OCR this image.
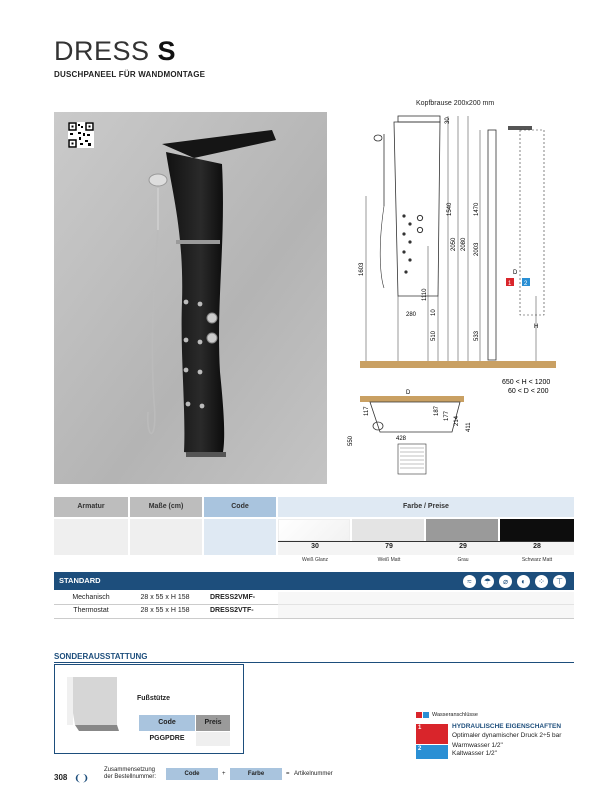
DRESS S
DUSCHPANEEL FÜR WANDMONTAGE
Kopfbrause 200x200 mm
30
1540
2050 2080
1603
1110
10
280
510
1470
2003
533
H
D
1 2
650 < H < 1200
60 < D < 200
D
117	187 177 214
411
550	428
Armatur	Maße (cm)	Code	Farbe / Preise
30	79	29	28
Weiß Glanz	Weiß Matt	Grau	Schwarz Matt
STANDARD	≈	☂	⌀	◐	⁘	⊤
Mechanisch	28 x 55 x H 158	DRESS2VMF-
Thermostat	28 x 55 x H 158	DRESS2VTF-
SONDERAUSSTATTUNG
Fußstütze
Code	Preis
PGGPDRE
Wasseranschlüsse
1	HYDRAULISCHE EIGENSCHAFTEN
Optimaler dynamischer Druck 2÷5 bar
2	Warmwasser 1/2"
Kaltwasser 1/2"
308 ❨❩
Zusammensetzung der Bestellnummer:	Code	+	Farbe	= Artikelnummer
